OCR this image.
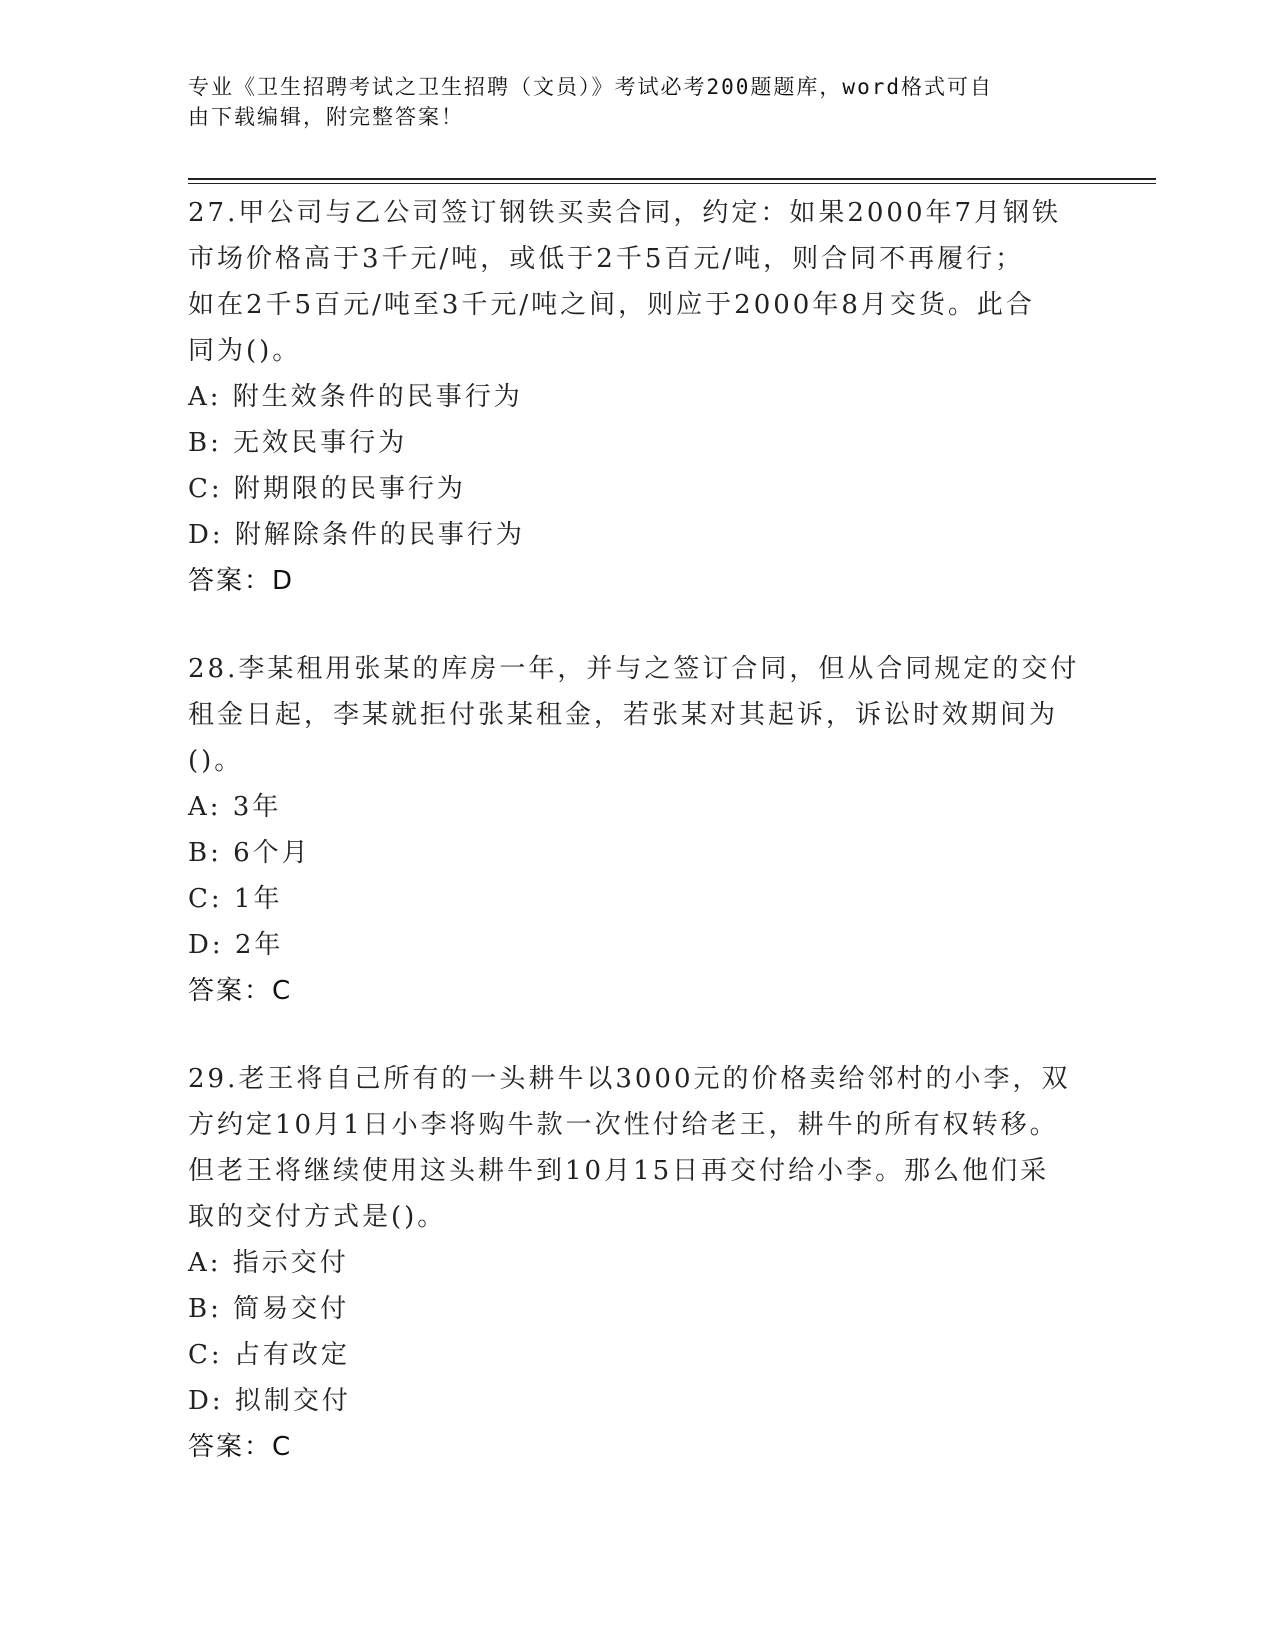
专业《卫生招聘考试之卫生招聘（文员）》考试必考200题题库，word格式可自
由下载编辑，附完整答案！
27.甲公司与乙公司签订钢铁买卖合同，约定：如果2000年7月钢铁
市场价格高于3千元/吨，或低于2千5百元/吨，则合同不再履行；
如在2千5百元/吨至3千元/吨之间，则应于2000年8月交货。此合
同为()。
A: 附生效条件的民事行为
B: 无效民事行为
C: 附期限的民事行为
D: 附解除条件的民事行为
答案：D
28.李某租用张某的库房一年，并与之签订合同，但从合同规定的交付
租金日起，李某就拒付张某租金，若张某对其起诉，诉讼时效期间为
()。
A: 3年
B: 6个月
C: 1年
D: 2年
答案：C
29.老王将自己所有的一头耕牛以3000元的价格卖给邻村的小李，双
方约定10月1日小李将购牛款一次性付给老王，耕牛的所有权转移。
但老王将继续使用这头耕牛到10月15日再交付给小李。那么他们采
取的交付方式是()。
A: 指示交付
B: 简易交付
C: 占有改定
D: 拟制交付
答案：C
